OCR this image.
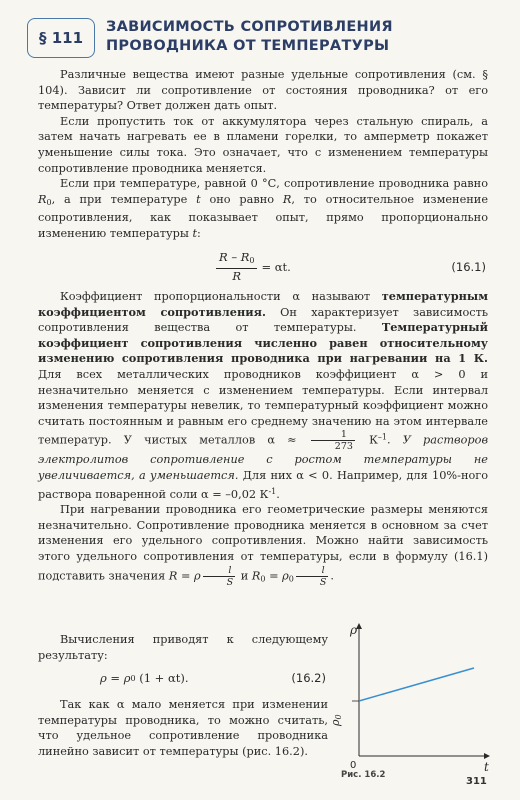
§ 111
ЗАВИСИМОСТЬ СОПРОТИВЛЕНИЯ
ПРОВОДНИКА ОТ ТЕМПЕРАТУРЫ

Различные вещества имеют разные удельные сопротивления (см. § 104). Зависит ли сопротивление от состояния проводника? от его температуры? Ответ должен дать опыт.

Если пропустить ток от аккумулятора через стальную спираль, а затем начать нагревать ее в пламени горелки, то амперметр покажет уменьшение силы тока. Это означает, что с изменением температуры сопротивление проводника меняется.

Если при температуре, равной 0 °С, сопротивление проводника равно $R_0$, а при температуре t оно равно R, то относительное изменение сопротивления, как показывает опыт, прямо пропорционально изменению температуры t:

$\frac{R - R_0}{R} = \alpha t$.	(16.1)

Коэффициент пропорциональности α называют температурным коэффициентом сопротивления. Он характеризует зависимость сопротивления вещества от температуры. Температурный коэффициент сопротивления численно равен относительному изменению сопротивления проводника при нагревании на 1 К. Для всех металлических проводников коэффициент α > 0 и незначительно меняется с изменением температуры. Если интервал изменения температуры невелик, то температурный коэффициент можно считать постоянным и равным его среднему значению на этом интервале температур. У чистых металлов $\alpha \approx \frac{1}{273} К^{-1}$. У растворов электролитов сопротивление с ростом температуры не увеличивается, а уменьшается. Для них α < 0. Например, для 10%-ного раствора поваренной соли α = –0,02 $К^{-1}$.

При нагревании проводника его геометрические размеры меняются незначительно. Сопротивление проводника меняется в основном за счет изменения его удельного сопротивления. Можно найти зависимость этого удельного сопротивления от температуры, если в формулу (16.1) подставить значения R = ρ $\frac{l}{S}$ и $R_0 = \rho_0 \frac{l}{S}$ .

Вычисления приводят к следующему результату:

ρ = ρ 0
(1 + αt).	(16.2)

Так как α мало меняется при изменении температуры проводника, то можно считать, что удельное сопротивление проводника линейно зависит от температуры (рис. 16.2).

ρ
ρ0
0	t
Рис. 16.2
311
